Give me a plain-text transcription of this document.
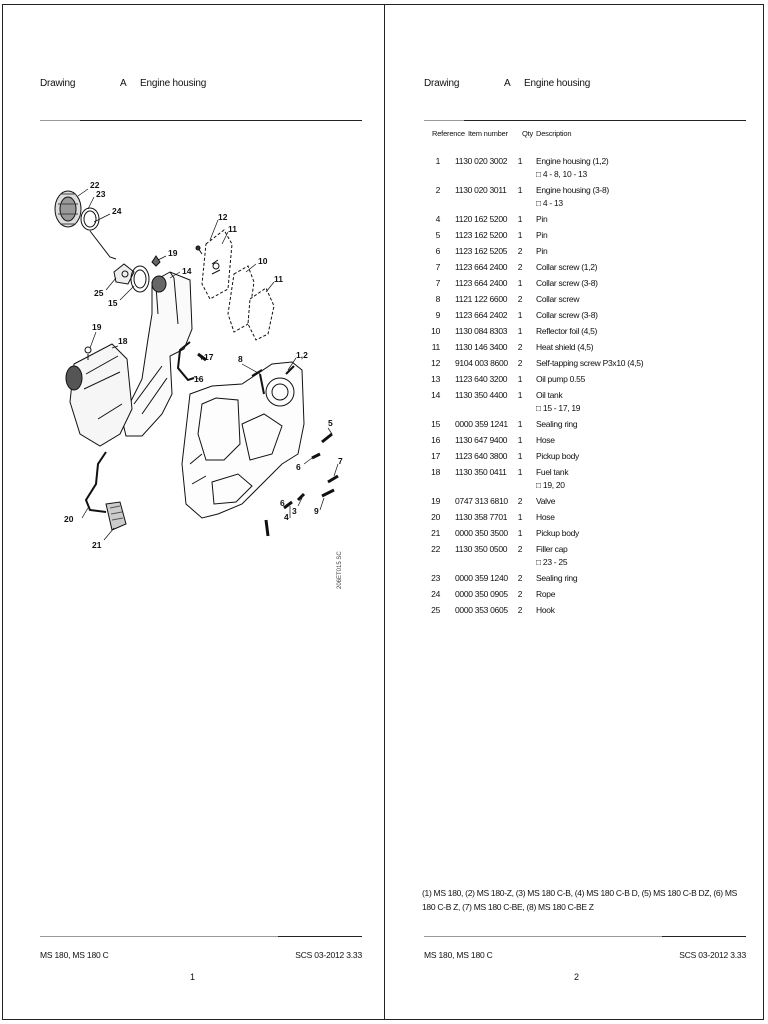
Drawing	A Engine housing
22
23
24
19
25
15
14
12
11
10
11
19
18
17
16
8	1,2
5
6
7
9
6
4
3
20
21
206ET015 SC
MS 180, MS 180 C	SCS 03-2012 3.33
1
Drawing	A Engine housing
Reference Item number Qty Description
1 1130 020 3002	1	Engine housing (1,2)
□ 4 - 8, 10 - 13
2 1130 020 3011	1	Engine housing (3-8)
□ 4 - 13
4 1120 162 5200	1	Pin
5 1123 162 5200	1	Pin
6 1123 162 5205	2	Pin
7 1123 664 2400	2	Collar screw (1,2)
7 1123 664 2400	1	Collar screw (3-8)
8 1121 122 6600	2	Collar screw
9 1123 664 2402	1	Collar screw (3-8)
10 1130 084 8303	1	Reflector foil (4,5)
11 1130 146 3400	2	Heat shield (4,5)
12 9104 003 8600	2	Self-tapping screw P3x10 (4,5)
13 1123 640 3200	1	Oil pump 0.55
14 1130 350 4400	1	Oil tank
□ 15 - 17, 19
15 0000 359 1241	1	Sealing ring
16 1130 647 9400	1	Hose
17 1123 640 3800	1	Pickup body
18 1130 350 0411	1	Fuel tank
□ 19, 20
19 0747 313 6810	2	Valve
20 1130 358 7701	1	Hose
21 0000 350 3500	1	Pickup body
22 1130 350 0500	2	Filler cap
□ 23 - 25
23 0000 359 1240	2	Sealing ring
24 0000 350 0905	2	Rope
25 0000 353 0605	2	Hook
(1) MS 180, (2) MS 180-Z, (3) MS 180 C-B, (4) MS 180 C-B D, (5) MS 180 C-B DZ, (6) MS 180 C-B Z, (7) MS 180 C-BE, (8) MS 180 C-BE Z
MS 180, MS 180 C	SCS 03-2012 3.33
2
